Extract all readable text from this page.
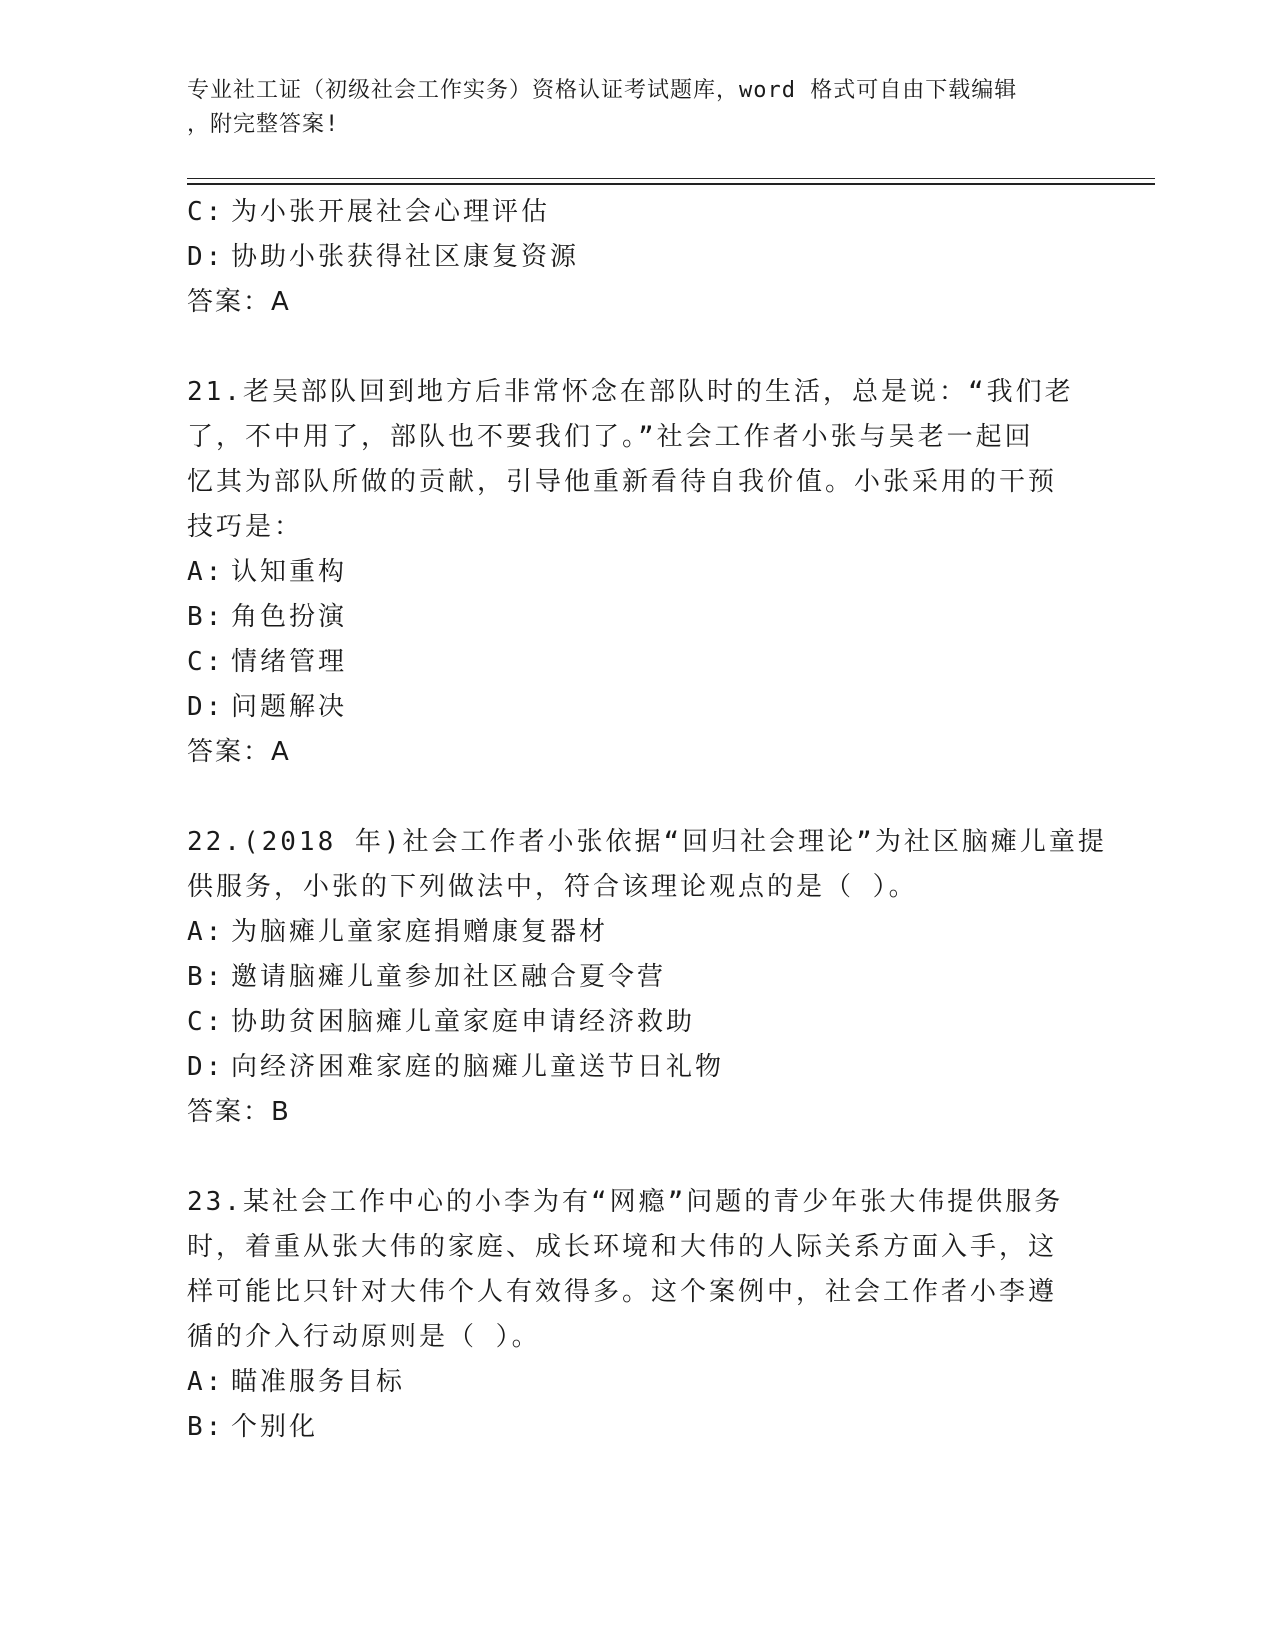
专业社工证（初级社会工作实务）资格认证考试题库，word 格式可自由下载编辑
，附完整答案!
C: 为小张开展社会心理评估
D: 协助小张获得社区康复资源
答案：A
21.老吴部队回到地方后非常怀念在部队时的生活，总是说：“我们老
了，不中用了，部队也不要我们了。”社会工作者小张与吴老一起回
忆其为部队所做的贡献，引导他重新看待自我价值。小张采用的干预
技巧是：
A: 认知重构
B: 角色扮演
C: 情绪管理
D: 问题解决
答案：A
22.(2018 年)社会工作者小张依据“回归社会理论”为社区脑瘫儿童提
供服务，小张的下列做法中，符合该理论观点的是（ ）。
A: 为脑瘫儿童家庭捐赠康复器材
B: 邀请脑瘫儿童参加社区融合夏令营
C: 协助贫困脑瘫儿童家庭申请经济救助
D: 向经济困难家庭的脑瘫儿童送节日礼物
答案：B
23.某社会工作中心的小李为有“网瘾”问题的青少年张大伟提供服务
时，着重从张大伟的家庭、成长环境和大伟的人际关系方面入手，这
样可能比只针对大伟个人有效得多。这个案例中，社会工作者小李遵
循的介入行动原则是（ ）。
A: 瞄准服务目标
B: 个别化
